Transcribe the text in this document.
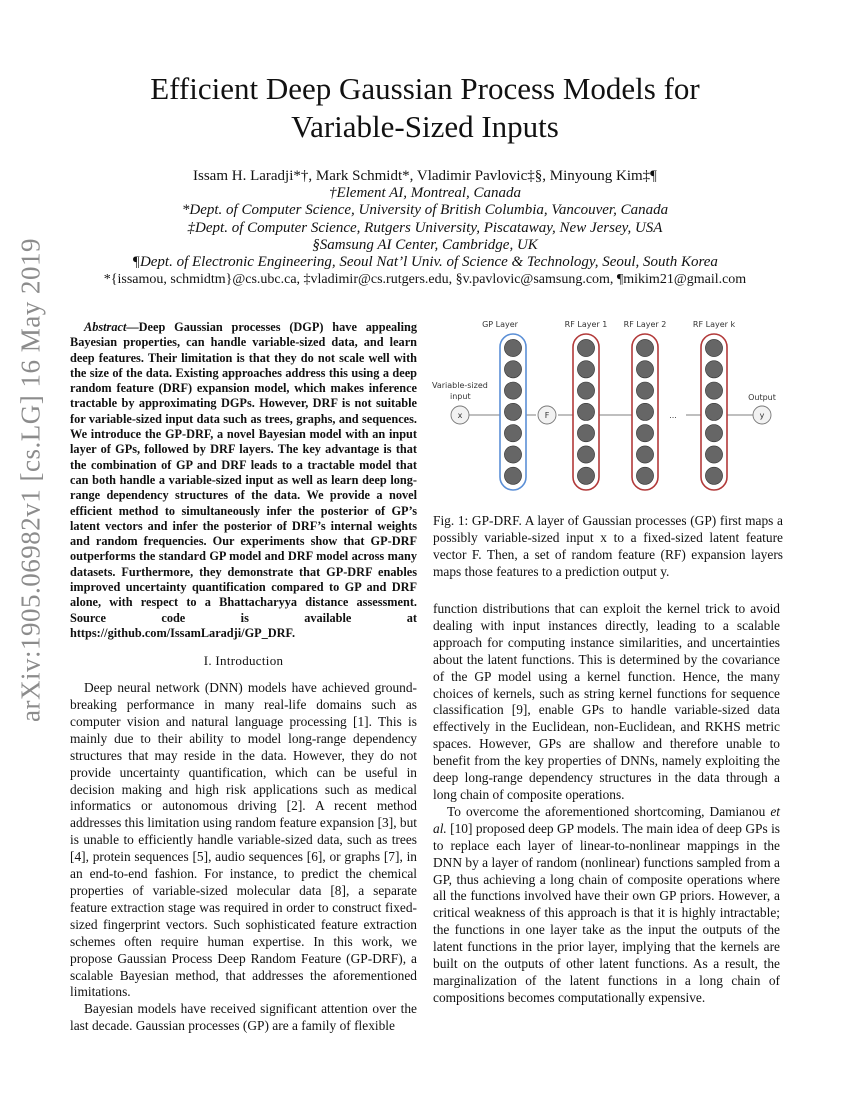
arXiv:1905.06982v1 [cs.LG] 16 May 2019
Efficient Deep Gaussian Process Models for
Variable-Sized Inputs
Issam H. Laradji*†, Mark Schmidt*, Vladimir Pavlovic‡§, Minyoung Kim‡¶
†Element AI, Montreal, Canada
*Dept. of Computer Science, University of British Columbia, Vancouver, Canada
‡Dept. of Computer Science, Rutgers University, Piscataway, New Jersey, USA
§Samsung AI Center, Cambridge, UK
¶Dept. of Electronic Engineering, Seoul Nat’l Univ. of Science & Technology, Seoul, South Korea
*{issamou, schmidtm}@cs.ubc.ca, ‡vladimir@cs.rutgers.edu, §v.pavlovic@samsung.com, ¶mikim21@gmail.com

Abstract—Deep Gaussian processes (DGP) have appealing Bayesian properties, can handle variable-sized data, and learn deep features. Their limitation is that they do not scale well with the size of the data. Existing approaches address this using a deep random feature (DRF) expansion model, which makes inference tractable by approximating DGPs. However, DRF is not suitable for variable-sized input data such as trees, graphs, and sequences. We introduce the GP-DRF, a novel Bayesian model with an input layer of GPs, followed by DRF layers. The key advantage is that the combination of GP and DRF leads to a tractable model that can both handle a variable-sized input as well as learn deep long-range dependency structures of the data. We provide a novel efficient method to simultaneously infer the posterior of GP’s latent vectors and infer the posterior of DRF’s internal weights and random frequencies. Our experiments show that GP-DRF outperforms the standard GP model and DRF model across many datasets. Furthermore, they demonstrate that GP-DRF enables improved uncertainty quantification compared to GP and DRF alone, with respect to a Bhattacharyya distance assessment. Source code is available at https://github.com/IssamLaradji/GP_DRF.

I. Introduction

Deep neural network (DNN) models have achieved ground-breaking performance in many real-life domains such as computer vision and natural language processing [1]. This is mainly due to their ability to model long-range dependency structures that may reside in the data. However, they do not provide uncertainty quantification, which can be useful in decision making and high risk applications such as medical informatics or autonomous driving [2]. A recent method addresses this limitation using random feature expansion [3], but is unable to efficiently handle variable-sized data, such as trees [4], protein sequences [5], audio sequences [6], or graphs [7], in an end-to-end fashion. For instance, to predict the chemical properties of variable-sized molecular data [8], a separate feature extraction stage was required in order to construct fixed-sized fingerprint vectors. Such sophisticated feature extraction schemes often require human expertise. In this work, we propose Gaussian Process Deep Random Feature (GP-DRF), a scalable Bayesian method, that addresses the aforementioned limitations.

Bayesian models have received significant attention over the last decade. Gaussian processes (GP) are a family of flexible

GP Layer	RF Layer 1 RF Layer 2	RF Layer k
Variable-sized
input
x	F	...
Output
y

Fig. 1: GP-DRF. A layer of Gaussian processes (GP) first maps a possibly variable-sized input x to a fixed-sized latent feature vector F. Then, a set of random feature (RF) expansion layers maps those features to a prediction output y.

function distributions that can exploit the kernel trick to avoid dealing with input instances directly, leading to a scalable approach for computing instance similarities, and uncertainties about the latent functions. This is determined by the covariance of the GP model using a kernel function. Hence, the many choices of kernels, such as string kernel functions for sequence classification [9], enable GPs to handle variable-sized data effectively in the Euclidean, non-Euclidean, and RKHS metric spaces. However, GPs are shallow and therefore unable to benefit from the key properties of DNNs, namely exploiting the deep long-range dependency structures in the data through a long chain of composite operations.

To overcome the aforementioned shortcoming, Damianou et al. [10] proposed deep GP models. The main idea of deep GPs is to replace each layer of linear-to-nonlinear mappings in the DNN by a layer of random (nonlinear) functions sampled from a GP, thus achieving a long chain of composite operations where all the functions involved have their own GP priors. However, a critical weakness of this approach is that it is highly intractable; the functions in one layer take as the input the outputs of the latent functions in the prior layer, implying that the kernels are built on the outputs of other latent functions. As a result, the marginalization of the latent functions in a long chain of compositions becomes computationally expensive.
